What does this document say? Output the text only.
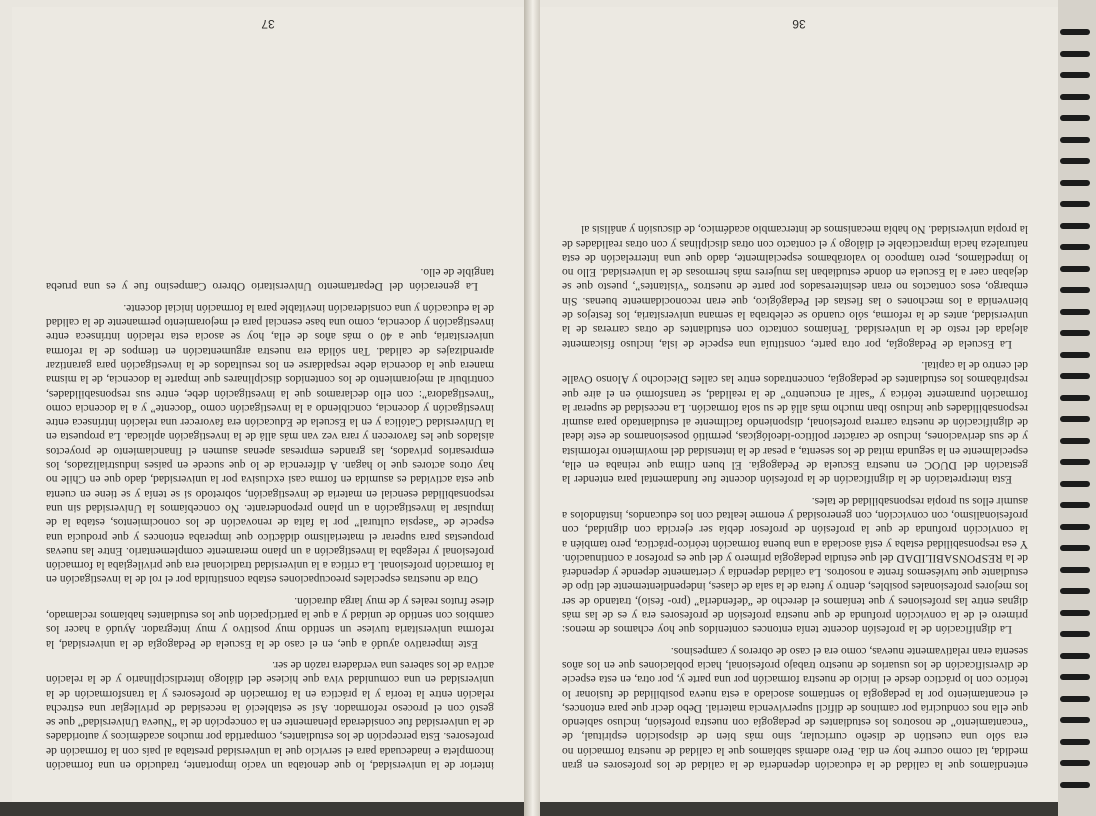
entendíamos que la calidad de la educación dependería de la calidad de los profesores en gran medida, tal como ocurre hoy en día. Pero además sabíamos que la calidad de nuestra formación no era sólo una cuestión de diseño curricular, sino más bien de disposición espiritual, de “encantamiento” de nosotros los estudiantes de pedagogía con nuestra profesión, incluso sabiendo que ella nos conduciría por caminos de difícil supervivencia material. Debo decir que para entonces, el encantamiento por la pedagogía lo sentíamos asociado a esta nueva posibilidad de fusionar lo teórico con lo práctico desde el inicio de nuestra formación por una parte y, por otra, en esta especie de diversificación de los usuarios de nuestro trabajo profesional, hacia poblaciones que en los años sesenta eran relativamente nuevas, como era el caso de obreros y campesinos.

La dignificación de la profesión docente tenía entonces contenidos que hoy echamos de menos: primero el de la convicción profunda de que nuestra profesión de profesores era y es de las más dignas entre las profesiones y que teníamos el derecho de “defenderla” (pro- fesio), tratando de ser los mejores profesionales posibles, dentro y fuera de la sala de clases, independientemente del tipo de estudiante que tuviésemos frente a nosotros. La calidad dependía y ciertamente depende y dependerá de la RESPONSABILIDAD del que estudia pedagogía primero y del que es profesor a continuación. Y esa responsabilidad estaba y está asociada a una buena formación teórico-práctica, pero también a la convicción profunda de que la profesión de profesor debía ser ejercida con dignidad, con profesionalismo, con convicción, con generosidad y enorme lealtad con los educandos, instándolos a asumir ellos su propia responsabilidad de tales.

Esta interpretación de la dignificación de la profesión docente fue fundamental para entender la gestación del DUOC en nuestra Escuela de Pedagogía. El buen clima que reinaba en ella, especialmente en la segunda mitad de los sesenta, a pesar de la intensidad del movimiento reformista y de sus derivaciones, incluso de carácter político-ideológicas, permitió posesionarnos de este ideal de dignificación de nuestra carrera profesional, disponiendo facilmente al estudiantado para asumir responsabilidades que incluso iban mucho más allá de su sola formación. La necesidad de superar la formación puramente teórica y “salir al encuentro” de la realidad, se transformó en el aire que respirábamos los estudiantes de pedagogía, concentrados entre las calles Dieciocho y Alonso Ovalle del centro de la capital.

La Escuela de Pedagogía, por otra parte, constituía una especie de isla, incluso físicamente alejada del resto de la universidad. Teníamos contacto con estudiantes de otras carreras de la universidad, antes de la reforma, sólo cuando se celebraba la semana universitaria, los festejos de bienvenida a los mechones o las fiestas del Pedagógico, que eran reconocidamente buenas. Sin embargo, esos contactos no eran desinteresados por parte de nuestros “visitantes”, puesto que se dejaban caer a la Escuela en donde estudiaban las mujeres más hermosas de la universidad. Ello no lo impedíamos, pero tampoco lo valorábamos especialmente, dado que una interrelación de esta naturaleza hacia impracticable el diálogo y el contacto con otras disciplinas y con otras realidades de la propia universidad. No había mecanismos de intercambio académico, de discusión y análisis al

36

interior de la universidad, lo que denotaba un vacío importante, traducido en una formación incompleta e inadecuada para el servicio que la universidad prestaba al país con la formación de profesores. Esta percepción de los estudiantes, compartida por muchos académicos y autoridades de la universidad fue considerada plenamente en la concepción de la “Nueva Universidad” que se gestó con el proceso reformador. Así se estableció la necesidad de privilegiar una estrecha relación entre la teoría y la práctica en la formación de profesores y la transformación de la universidad en una comunidad viva que hiciese del diálogo interdisciplinario y de la relación activa de los saberes una verdadera razón de ser.

Este imperativo ayudó a que, en el caso de la Escuela de Pedagogía de la universidad, la reforma universitaria tuviese un sentido muy positivo y muy integrador. Ayudó a hacer los cambios con sentido de unidad y a que la participación que los estudiantes habíamos reclamado, diese frutos reales y de muy larga duración.

Otra de nuestras especiales preocupaciones estaba constituida por el rol de la investigación en la formación profesional. La crítica a la universidad tradicional era que privilegiaba la formación profesional y relegaba la investigación a un plano meramente complementario. Entre las nuevas propuestas para superar el materialismo didáctico que imperaba entonces y que producía una especie de “asepsia cultural” por la falta de renovación de los conocimientos, estaba la de impulsar la investigación a un plano preponderante. No concebíamos la Universidad sin una responsabilidad esencial en materia de investigación, sobretodo si se tenía y se tiene en cuenta que esta actividad es asumida en forma casi exclusiva por la universidad, dado que en Chile no hay otros actores que lo hagan. A diferencia de lo que sucede en países industrializados, los empresarios privados, las grandes empresas apenas asumen el financiamiento de proyectos aislados que les favorecen y rara vez van más allá de la investigación aplicada. La propuesta en la Universidad Católica y en la Escuela de Educación era favorecer una relación intrínseca entre investigación y docencia, concibiendo a la investigación como “docente” y a la docencia como “investigadora”: con ello declaramos que la investigación debe, entre sus responsabilidades, contribuir al mejoramiento de los contenidos disciplinares que imparte la docencia, de la misma manera que la docencia debe respaldarse en los resultados de la investigación para garantizar aprendizajes de calidad. Tan sólida era nuestra argumentación en tiempos de la reforma universitaria, que a 40 o más años de ella, hoy se asocia esta relación intrínseca entre investigación y docencia, como una base esencial para el mejoramiento permanente de la calidad de la educación y una consideración inevitable para la formación inicial docente.

La generación del Departamento Universitario Obrero Campesino fue y es una prueba tangible de ello.

37
